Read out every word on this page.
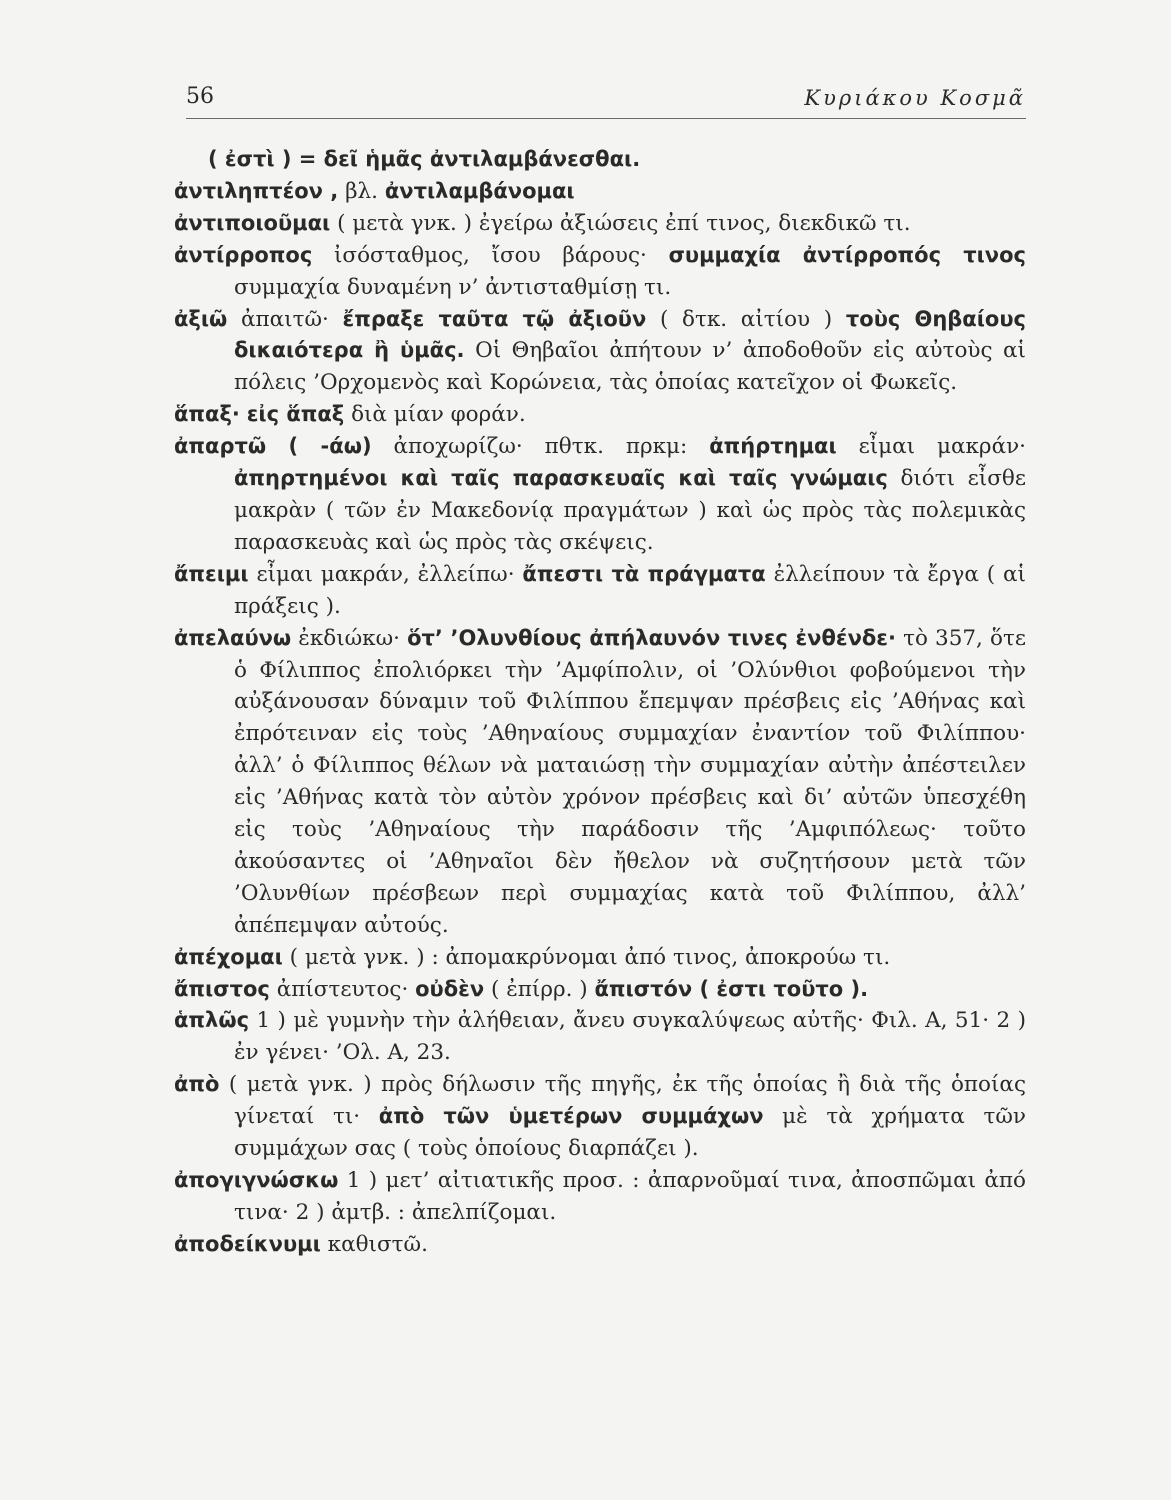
56	Κυριάκου Κοσμᾶ

( ἐστὶ ) = δεῖ ἡμᾶς ἀντιλαμβάνεσθαι.

ἀντιληπτέον , βλ. ἀντιλαμβάνομαι

ἀντιποιοῦμαι ( μετὰ γνκ. ) ἐγείρω ἀξιώσεις ἐπί τινος, διεκδικῶ τι.

ἀντίρροπος ἰσόσταθμος, ἴσου βάρους· συμμαχία ἀντίρροπός τινος συμμαχία δυναμένη ν’ ἀντισταθμίσῃ τι.

ἀξιῶ ἀπαιτῶ· ἔπραξε ταῦτα τῷ ἀξιοῦν ( δτκ. αἰτίου ) τοὺς Θηβαίους δικαιότερα ἢ ὑμᾶς. Οἱ Θηβαῖοι ἀπήτουν ν’ ἀποδοθοῦν εἰς αὐτοὺς αἱ πόλεις ’Ορχομενὸς καὶ Κορώνεια, τὰς ὁποίας κατεῖχον οἱ Φωκεῖς.

ἅπαξ· εἰς ἅπαξ διὰ μίαν φοράν.

ἀπαρτῶ ( -άω) ἀποχωρίζω· πθτκ. πρκμ: ἀπήρτημαι εἶμαι μακράν· ἀπηρτημένοι καὶ ταῖς παρασκευαῖς καὶ ταῖς γνώμαις διότι εἶσθε μακρὰν ( τῶν ἐν Μακεδονίᾳ πραγμάτων ) καὶ ὡς πρὸς τὰς πολεμικὰς παρασκευὰς καὶ ὡς πρὸς τὰς σκέψεις.

ἄπειμι εἶμαι μακράν, ἐλλείπω· ἄπεστι τὰ πράγματα ἐλλείπουν τὰ ἔργα ( αἱ πράξεις ).

ἀπελαύνω ἐκδιώκω· ὅτ’ ’Ολυνθίους ἀπήλαυνόν τινες ἐνθένδε· τὸ 357, ὅτε ὁ Φίλιππος ἐπολιόρκει τὴν ’Αμφίπολιν, οἱ ’Ολύνθιοι φοβούμενοι τὴν αὐξάνουσαν δύναμιν τοῦ Φιλίππου ἔπεμψαν πρέσβεις εἰς ’Αθήνας καὶ ἐπρότειναν εἰς τοὺς ’Αθηναίους συμμαχίαν ἐναντίον τοῦ Φιλίππου· ἀλλ’ ὁ Φίλιππος θέλων νὰ ματαιώσῃ τὴν συμμαχίαν αὐτὴν ἀπέστειλεν εἰς ’Αθήνας κατὰ τὸν αὐτὸν χρόνον πρέσβεις καὶ δι’ αὐτῶν ὑπεσχέθη εἰς τοὺς ’Αθηναίους τὴν παράδοσιν τῆς ’Αμφιπόλεως· τοῦτο ἀκούσαντες οἱ ’Αθηναῖοι δὲν ἤθελον νὰ συζητήσουν μετὰ τῶν ’Ολυνθίων πρέσβεων περὶ συμμαχίας κατὰ τοῦ Φιλίππου, ἀλλ’ ἀπέπεμψαν αὐτούς.

ἀπέχομαι ( μετὰ γνκ. ) : ἀπομακρύνομαι ἀπό τινος, ἀποκρούω τι.

ἄπιστος ἀπίστευτος· οὐδὲν ( ἐπίρρ. ) ἄπιστόν ( ἐστι τοῦτο ).

ἁπλῶς 1 ) μὲ γυμνὴν τὴν ἀλήθειαν, ἄνευ συγκαλύψεως αὐτῆς· Φιλ. Α, 51· 2 ) ἐν γένει· ’Ολ. Α, 23.

ἀπὸ ( μετὰ γνκ. ) πρὸς δήλωσιν τῆς πηγῆς, ἐκ τῆς ὁποίας ἢ διὰ τῆς ὁποίας γίνεταί τι· ἀπὸ τῶν ὑμετέρων συμμάχων μὲ τὰ χρήματα τῶν συμμάχων σας ( τοὺς ὁποίους διαρπάζει ).

ἀπογιγνώσκω 1 ) μετ’ αἰτιατικῆς προσ. : ἀπαρνοῦμαί τινα, ἀποσπῶμαι ἀπό τινα· 2 ) ἀμτβ. : ἀπελπίζομαι.

ἀποδείκνυμι καθιστῶ.
